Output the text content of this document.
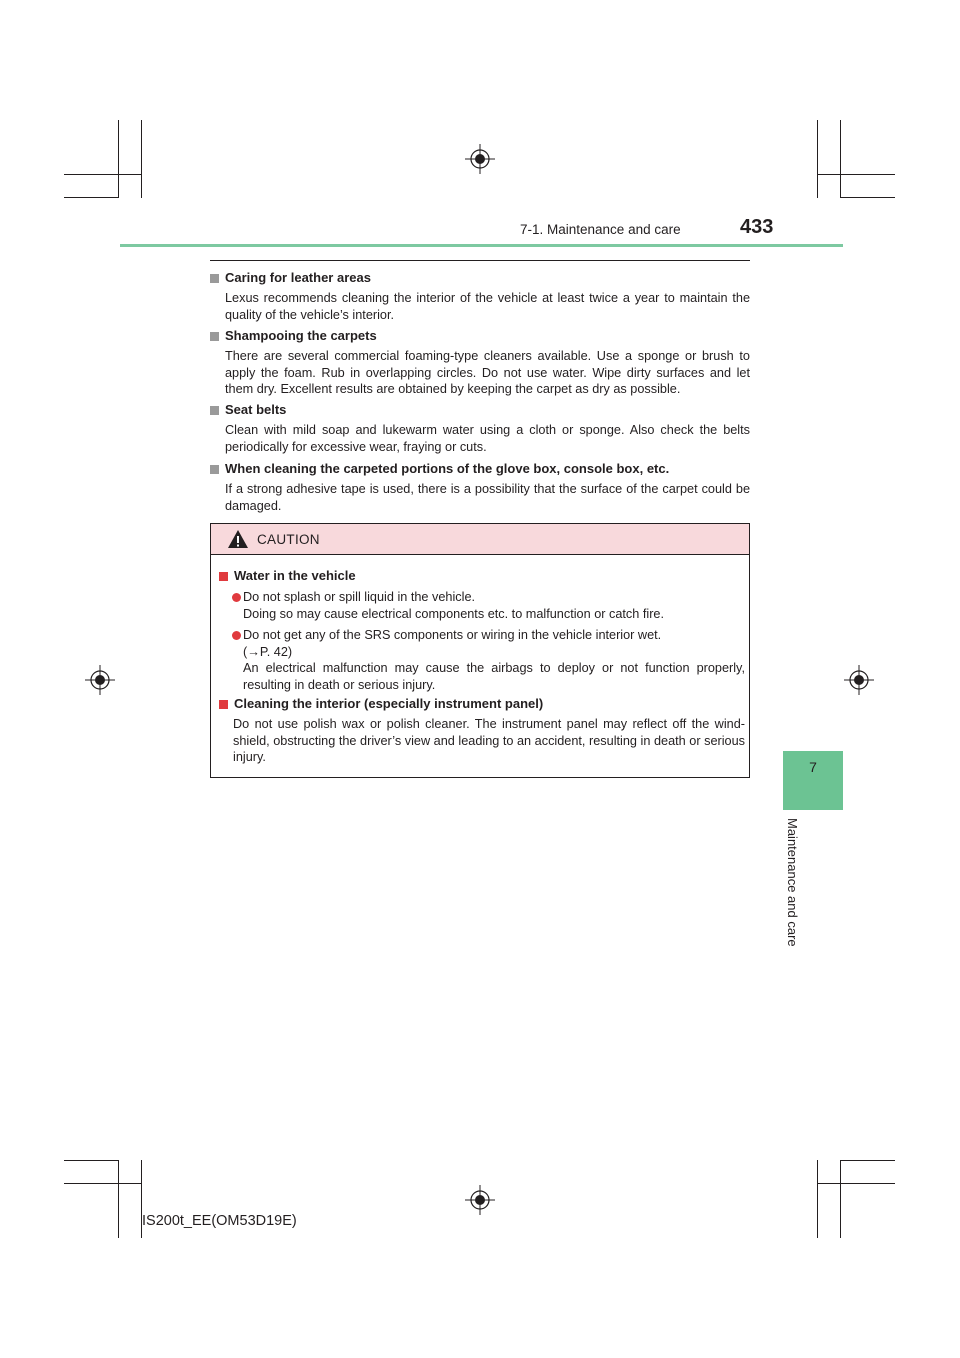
7-1. Maintenance and care	433
7
Maintenance and care
Caring for leather areas
Lexus recommends cleaning the interior of the vehicle at least twice a year to maintain the quality of the vehicle’s interior.
Shampooing the carpets
There are several commercial foaming-type cleaners available. Use a sponge or brush to apply the foam. Rub in overlapping circles. Do not use water. Wipe dirty surfaces and let them dry. Excellent results are obtained by keeping the carpet as dry as possible.
Seat belts
Clean with mild soap and lukewarm water using a cloth or sponge. Also check the belts periodically for excessive wear, fraying or cuts.
When cleaning the carpeted portions of the glove box, console box, etc.
If a strong adhesive tape is used, there is a possibility that the surface of the carpet could be damaged.
CAUTION
Water in the vehicle
Do not splash or spill liquid in the vehicle.
Doing so may cause electrical components etc. to malfunction or catch fire.
Do not get any of the SRS components or wiring in the vehicle interior wet.
(→P. 42)
An electrical malfunction may cause the airbags to deploy or not function properly, resulting in death or serious injury.
Cleaning the interior (especially instrument panel)
Do not use polish wax or polish cleaner. The instrument panel may reflect off the wind-shield, obstructing the driver’s view and leading to an accident, resulting in death or serious injury.
IS200t_EE(OM53D19E)
